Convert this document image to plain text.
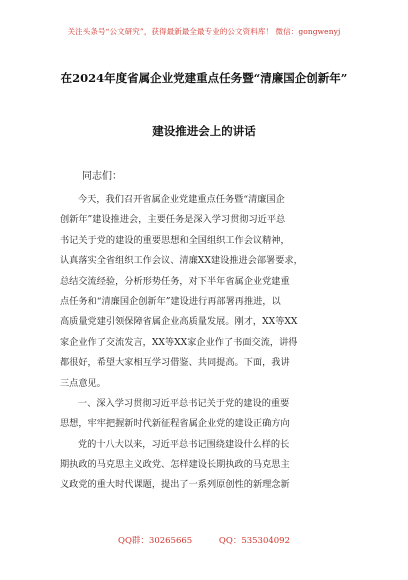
关注头条号“公文研究”，获得最新最全最专业的公文资料库！ 微信：gongwenyj
在2024年度省属企业党建重点任务暨“清廉国企创新年”
建设推进会上的讲话
同志们：
今天，我们召开省属企业党建重点任务暨“清廉国企
创新年”建设推进会，主要任务是深入学习贯彻习近平总
书记关于党的建设的重要思想和全国组织工作会议精神，
认真落实全省组织工作会议、清廉XX建设推进会部署要求，
总结交流经验，分析形势任务，对下半年省属企业党建重
点任务和“清廉国企创新年”建设进行再部署再推进，以
高质量党建引领保障省属企业高质量发展。刚才，XX等XX
家企业作了交流发言，XX等XX家企业作了书面交流，讲得
都很好，希望大家相互学习借鉴、共同提高。下面，我讲
三点意见。
一、深入学习贯彻习近平总书记关于党的建设的重要
思想，牢牢把握新时代新征程省属企业党的建设正确方向
党的十八大以来，习近平总书记围绕建设什么样的长
期执政的马克思主义政党、怎样建设长期执政的马克思主
义政党的重大时代课题，提出了一系列原创性的新理念新
QQ群：30265665	QQ：535304092
